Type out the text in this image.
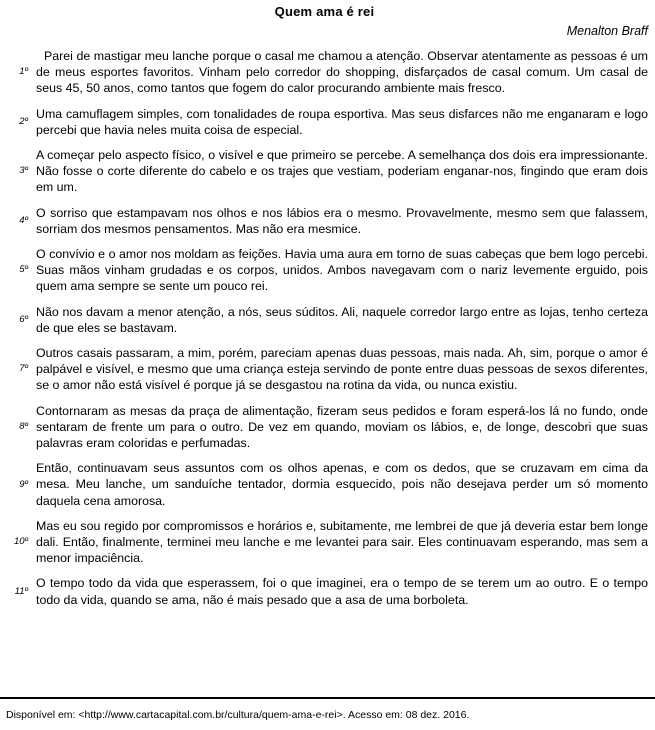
Quem ama é rei
Menalton Braff
1º

Parei de mastigar meu lanche porque o casal me chamou a atenção. Observar atentamente as pessoas é um de meus esportes favoritos. Vinham pelo corredor do shopping, disfarçados de casal comum. Um casal de seus 45, 50 anos, como tantos que fogem do calor procurando ambiente mais fresco.

2º

Uma camuflagem simples, com tonalidades de roupa esportiva. Mas seus disfarces não me enganaram e logo percebi que havia neles muita coisa de especial.

3º

A começar pelo aspecto físico, o visível e que primeiro se percebe. A semelhança dos dois era impressionante. Não fosse o corte diferente do cabelo e os trajes que vestiam, poderiam enganar-nos, fingindo que eram dois em um.

4º

O sorriso que estampavam nos olhos e nos lábios era o mesmo. Provavelmente, mesmo sem que falassem, sorriam dos mesmos pensamentos. Mas não era mesmice.

5º

O convívio e o amor nos moldam as feições. Havia uma aura em torno de suas cabeças que bem logo percebi. Suas mãos vinham grudadas e os corpos, unidos. Ambos navegavam com o nariz levemente erguido, pois quem ama sempre se sente um pouco rei.

6º

Não nos davam a menor atenção, a nós, seus súditos. Ali, naquele corredor largo entre as lojas, tenho certeza de que eles se bastavam.

7º

Outros casais passaram, a mim, porém, pareciam apenas duas pessoas, mais nada. Ah, sim, porque o amor é palpável e visível, e mesmo que uma criança esteja servindo de ponte entre duas pessoas de sexos diferentes, se o amor não está visível é porque já se desgastou na rotina da vida, ou nunca existiu.

8º

Contornaram as mesas da praça de alimentação, fizeram seus pedidos e foram esperá-los lá no fundo, onde sentaram de frente um para o outro. De vez em quando, moviam os lábios, e, de longe, descobri que suas palavras eram coloridas e perfumadas.

9º

Então, continuavam seus assuntos com os olhos apenas, e com os dedos, que se cruzavam em cima da mesa. Meu lanche, um sanduíche tentador, dormia esquecido, pois não desejava perder um só momento daquela cena amorosa.

10º

Mas eu sou regido por compromissos e horários e, subitamente, me lembrei de que já deveria estar bem longe dali. Então, finalmente, terminei meu lanche e me levantei para sair. Eles continuavam esperando, mas sem a menor impaciência.

11º

O tempo todo da vida que esperassem, foi o que imaginei, era o tempo de se terem um ao outro. E o tempo todo da vida, quando se ama, não é mais pesado que a asa de uma borboleta.

Disponível em: <http://www.cartacapital.com.br/cultura/quem-ama-e-rei>. Acesso em: 08 dez. 2016.
